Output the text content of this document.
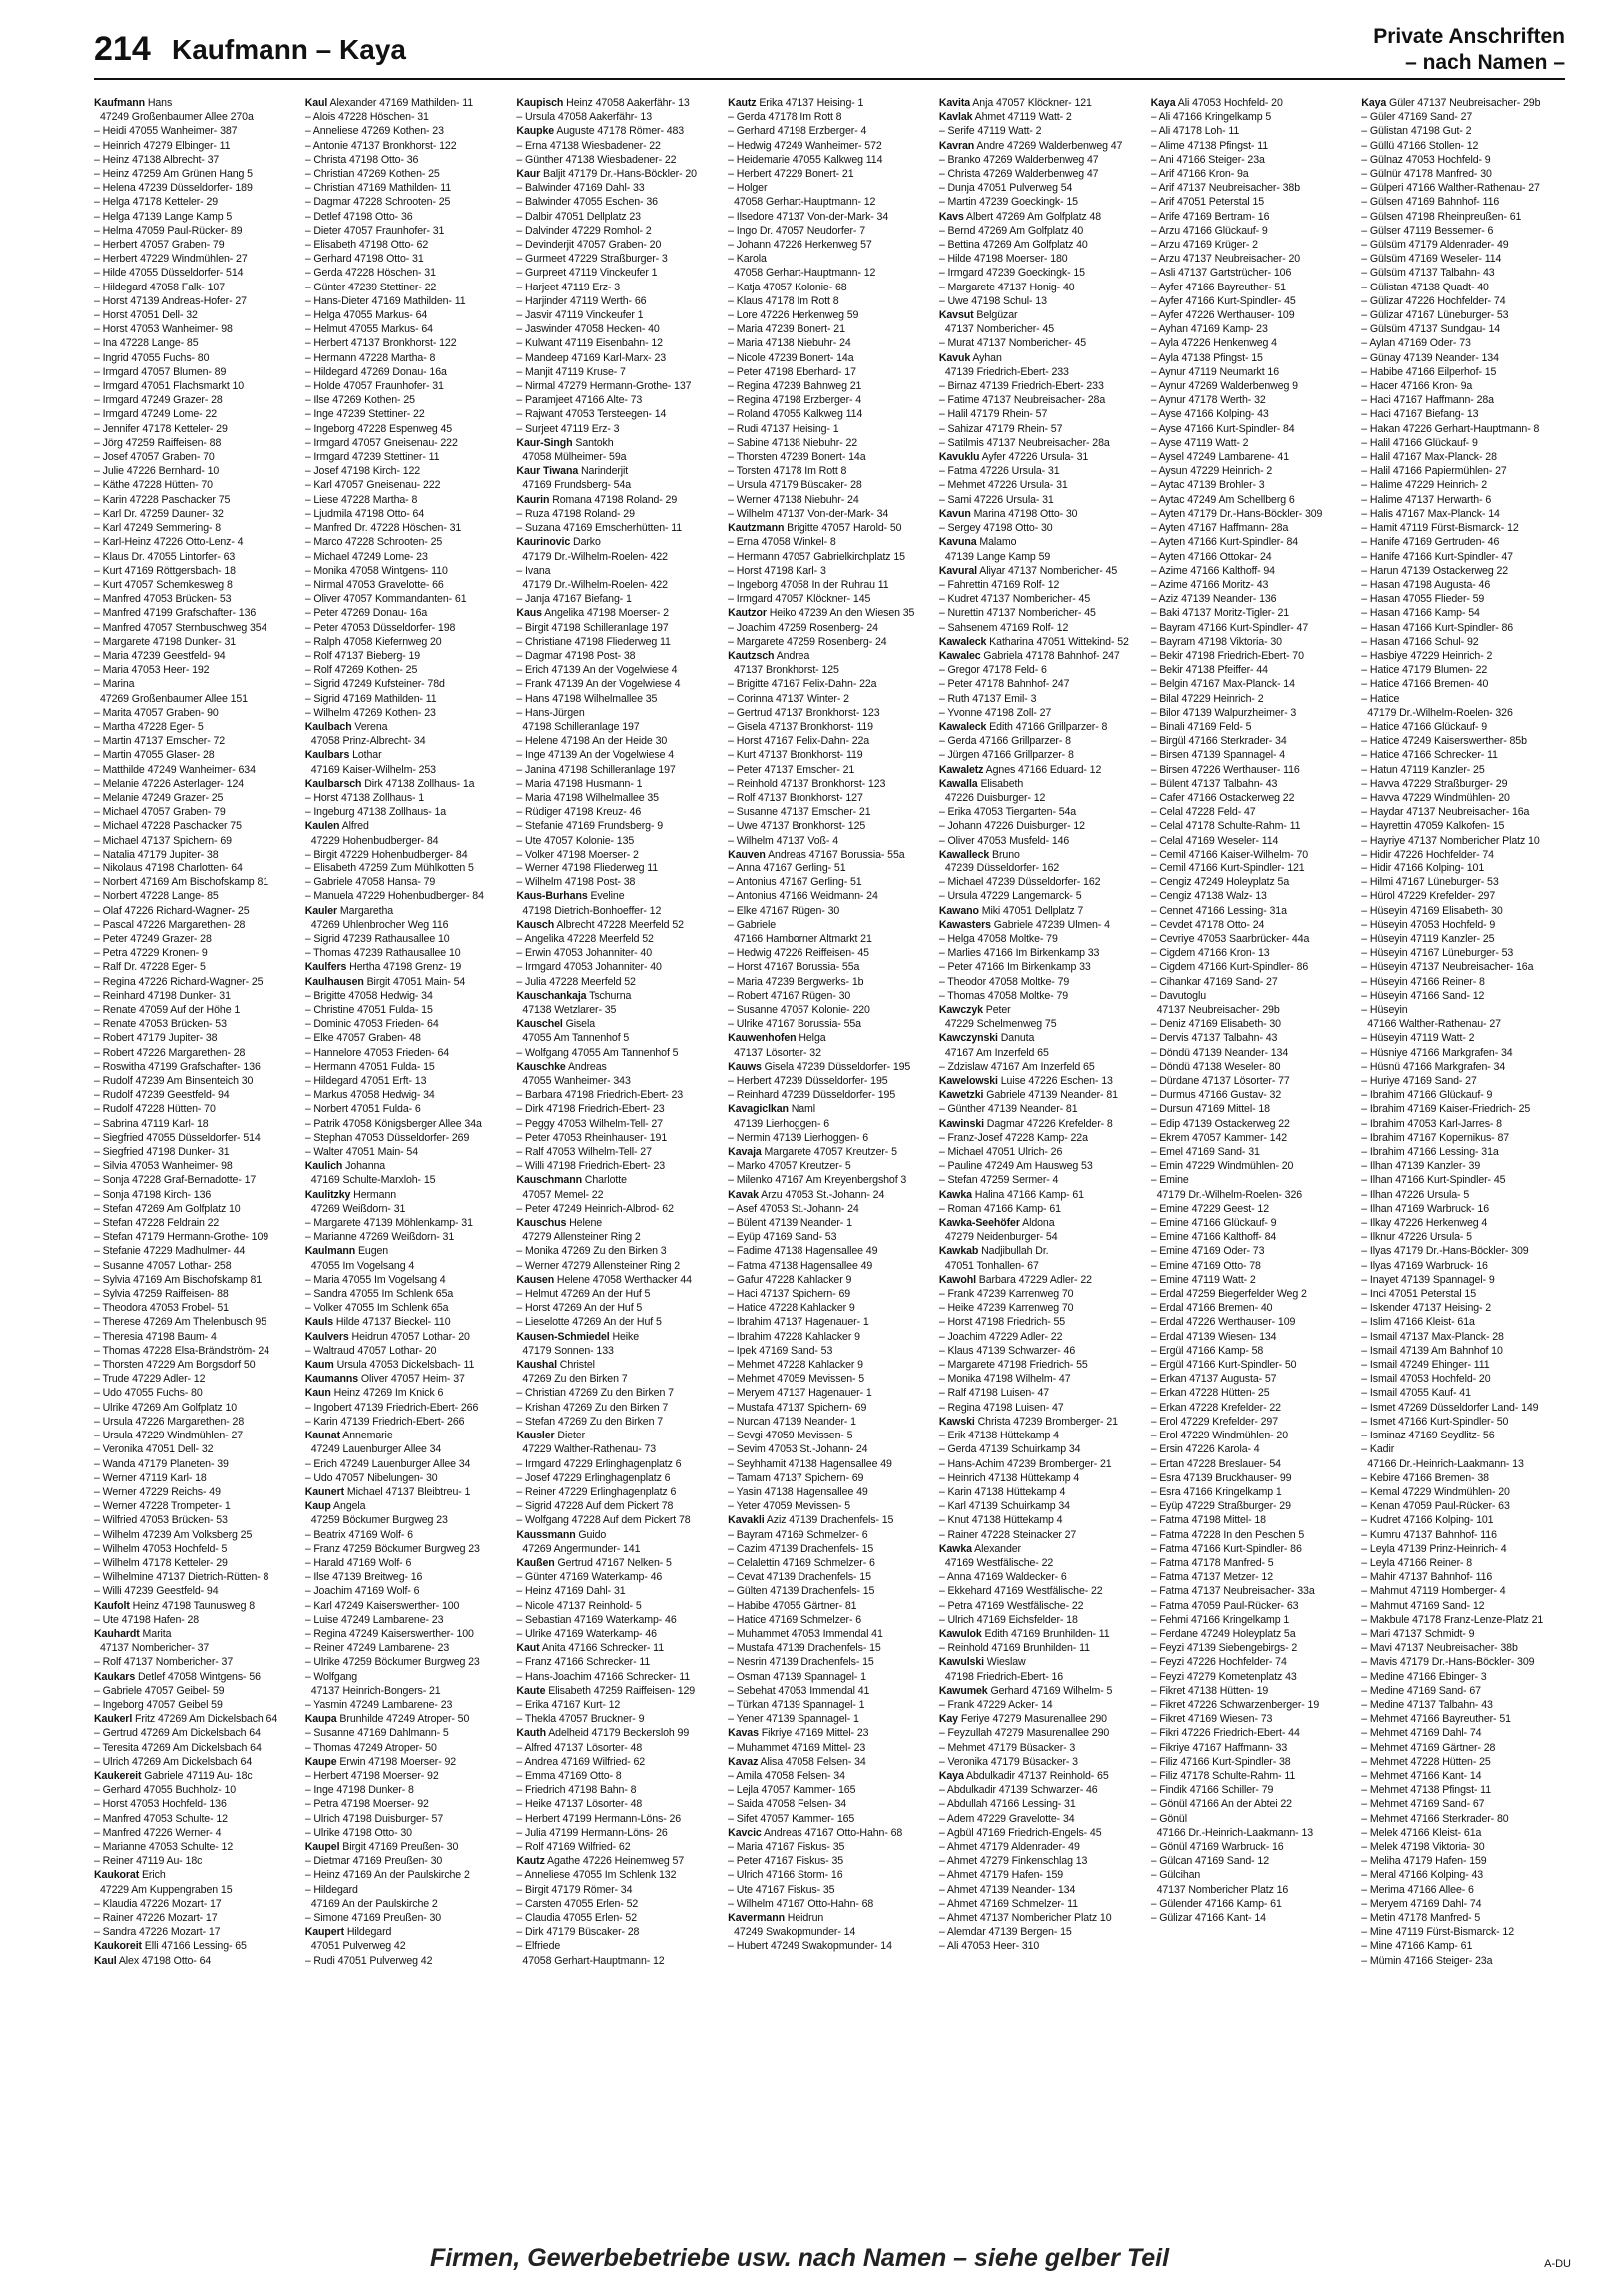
214 Kaufmann – Kaya	Private Anschriften
– nach Namen –
Kaufmann Hans
47249 Großenbaumer Allee 270a
– Heidi 47055 Wanheimer- 387
– Heinrich 47279 Elbinger- 11
– Heinz 47138 Albrecht- 37
– Heinz 47259 Am Grünen Hang 5
– Helena 47239 Düsseldorfer- 189
– Helga 47178 Ketteler- 29
– Helga 47139 Lange Kamp 5
– Helma 47059 Paul-Rücker- 89
– Herbert 47057 Graben- 79
– Herbert 47229 Windmühlen- 27
– Hilde 47055 Düsseldorfer- 514
– Hildegard 47058 Falk- 107
– Horst 47139 Andreas-Hofer- 27
– Horst 47051 Dell- 32
– Horst 47053 Wanheimer- 98
– Ina 47228 Lange- 85
– Ingrid 47055 Fuchs- 80
– Irmgard 47057 Blumen- 89
– Irmgard 47051 Flachsmarkt 10
– Irmgard 47249 Grazer- 28
– Irmgard 47249 Lome- 22
– Jennifer 47178 Ketteler- 29
– Jörg 47259 Raiffeisen- 88
– Josef 47057 Graben- 70
– Julie 47226 Bernhard- 10
– Käthe 47228 Hütten- 70
– Karin 47228 Paschacker 75
– Karl Dr. 47259 Dauner- 32
– Karl 47249 Semmering- 8
– Karl-Heinz 47226 Otto-Lenz- 4
– Klaus Dr. 47055 Lintorfer- 63
– Kurt 47169 Röttgersbach- 18
– Kurt 47057 Schemkesweg 8
– Manfred 47053 Brücken- 53
– Manfred 47199 Grafschafter- 136
– Manfred 47057 Sternbuschweg 354
– Margarete 47198 Dunker- 31
– Maria 47239 Geestfeld- 94
– Maria 47053 Heer- 192
– Marina
47269 Großenbaumer Allee 151
– Marita 47057 Graben- 90
– Martha 47228 Eger- 5
– Martin 47137 Emscher- 72
– Martin 47055 Glaser- 28
– Matthilde 47249 Wanheimer- 634
– Melanie 47226 Asterlager- 124
– Melanie 47249 Grazer- 25
– Michael 47057 Graben- 79
– Michael 47228 Paschacker 75
– Michael 47137 Spichern- 69
– Natalia 47179 Jupiter- 38
– Nikolaus 47198 Charlotten- 64
– Norbert 47169 Am Bischofskamp 81
– Norbert 47228 Lange- 85
– Olaf 47226 Richard-Wagner- 25
– Pascal 47226 Margarethen- 28
– Peter 47249 Grazer- 28
– Petra 47229 Kronen- 9
– Ralf Dr. 47228 Eger- 5
– Regina 47226 Richard-Wagner- 25
– Reinhard 47198 Dunker- 31
– Renate 47059 Auf der Höhe 1
– Renate 47053 Brücken- 53
– Robert 47179 Jupiter- 38
– Robert 47226 Margarethen- 28
– Roswitha 47199 Grafschafter- 136
– Rudolf 47239 Am Binsenteich 30
– Rudolf 47239 Geestfeld- 94
– Rudolf 47228 Hütten- 70
– Sabrina 47119 Karl- 18
– Siegfried 47055 Düsseldorfer- 514
– Siegfried 47198 Dunker- 31
– Silvia 47053 Wanheimer- 98
– Sonja 47228 Graf-Bernadotte- 17
– Sonja 47198 Kirch- 136
– Stefan 47269 Am Golfplatz 10
– Stefan 47228 Feldrain 22
– Stefan 47179 Hermann-Grothe- 109
– Stefanie 47229 Madhulmer- 44
– Susanne 47057 Lothar- 258
– Sylvia 47169 Am Bischofskamp 81
– Sylvia 47259 Raiffeisen- 88
– Theodora 47053 Frobel- 51
– Therese 47269 Am Thelenbusch 95
– Theresia 47198 Baum- 4
– Thomas 47228 Elsa-Brändström- 24
– Thorsten 47229 Am Borgsdorf 50
– Trude 47229 Adler- 12
– Udo 47055 Fuchs- 80
– Ulrike 47269 Am Golfplatz 10
– Ursula 47226 Margarethen- 28
– Ursula 47229 Windmühlen- 27
– Veronika 47051 Dell- 32
– Wanda 47179 Planeten- 39
– Werner 47119 Karl- 18
– Werner 47229 Reichs- 49
– Werner 47228 Trompeter- 1
– Wilfried 47053 Brücken- 53
– Wilhelm 47239 Am Volksberg 25
– Wilhelm 47053 Hochfeld- 5
– Wilhelm 47178 Ketteler- 29
– Wilhelmine 47137 Dietrich-Rütten- 8
– Willi 47239 Geestfeld- 94
Kaufolt Heinz 47198 Taunusweg 8
– Ute 47198 Hafen- 28
Kauhardt Marita
47137 Nombericher- 37
– Rolf 47137 Nombericher- 37
Kaukars Detlef 47058 Wintgens- 56
– Gabriele 47057 Geibel- 59
– Ingeborg 47057 Geibel 59
Kaukerl Fritz 47269 Am Dickelsbach 64
– Gertrud 47269 Am Dickelsbach 64
– Teresita 47269 Am Dickelsbach 64
– Ulrich 47269 Am Dickelsbach 64
Kaukereit Gabriele 47119 Au- 18c
– Gerhard 47055 Buchholz- 10
– Horst 47053 Hochfeld- 136
– Manfred 47053 Schulte- 12
– Manfred 47226 Werner- 4
– Marianne 47053 Schulte- 12
– Reiner 47119 Au- 18c
Kaukorat Erich
47229 Am Kuppengraben 15
– Klaudia 47226 Mozart- 17
– Rainer 47226 Mozart- 17
– Sandra 47226 Mozart- 17
Kaukoreit Elli 47166 Lessing- 65
Kaul Alex 47198 Otto- 64
Kaul Alexander 47169 Mathilden- 11
– Alois 47228 Höschen- 31
– Anneliese 47269 Kothen- 23
– Antonie 47137 Bronkhorst- 122
– Christa 47198 Otto- 36
– Christian 47269 Kothen- 25
– Christian 47169 Mathilden- 11
– Dagmar 47228 Schrooten- 25
– Detlef 47198 Otto- 36
– Dieter 47057 Fraunhofer- 31
– Elisabeth 47198 Otto- 62
– Gerhard 47198 Otto- 31
– Gerda 47228 Höschen- 31
– Günter 47239 Stettiner- 22
– Hans-Dieter 47169 Mathilden- 11
– Helga 47055 Markus- 64
– Helmut 47055 Markus- 64
– Herbert 47137 Bronkhorst- 122
– Hermann 47228 Martha- 8
– Hildegard 47269 Donau- 16a
– Holde 47057 Fraunhofer- 31
– Ilse 47269 Kothen- 25
– Inge 47239 Stettiner- 22
– Ingeborg 47228 Espenweg 45
– Irmgard 47057 Gneisenau- 222
– Irmgard 47239 Stettiner- 11
– Josef 47198 Kirch- 122
– Karl 47057 Gneisenau- 222
– Liese 47228 Martha- 8
– Ljudmila 47198 Otto- 64
– Manfred Dr. 47228 Höschen- 31
– Marco 47228 Schrooten- 25
– Michael 47249 Lome- 23
– Monika 47058 Wintgens- 110
– Nirmal 47053 Gravelotte- 66
– Oliver 47057 Kommandanten- 61
– Peter 47269 Donau- 16a
– Peter 47053 Düsseldorfer- 198
– Ralph 47058 Kiefernweg 20
– Rolf 47137 Bieberg- 19
– Rolf 47269 Kothen- 25
– Sigrid 47249 Kufsteiner- 78d
– Sigrid 47169 Mathilden- 11
– Wilhelm 47269 Kothen- 23
Kaulbach Verena
47058 Prinz-Albrecht- 34
Kaulbars Lothar
47169 Kaiser-Wilhelm- 253
Kaulbarsch Dirk 47138 Zollhaus- 1a
– Horst 47138 Zollhaus- 1
– Ingeburg 47138 Zollhaus- 1a
Kaulen Alfred
47229 Hohenbudberger- 84
– Birgit 47229 Hohenbudberger- 84
– Elisabeth 47259 Zum Mühlkotten 5
– Gabriele 47058 Hansa- 79
– Manuela 47229 Hohenbudberger- 84
Kauler Margaretha
47269 Uhlenbrocher Weg 116
– Sigrid 47239 Rathausallee 10
– Thomas 47239 Rathausallee 10
Kaulfers Hertha 47198 Grenz- 19
Kaulhausen Birgit 47051 Main- 54
– Brigitte 47058 Hedwig- 34
– Christine 47051 Fulda- 15
– Dominic 47053 Frieden- 64
– Elke 47057 Graben- 48
– Hannelore 47053 Frieden- 64
– Hermann 47051 Fulda- 15
– Hildegard 47051 Erft- 13
– Markus 47058 Hedwig- 34
– Norbert 47051 Fulda- 6
– Patrik 47058 Königsberger Allee 34a
– Stephan 47053 Düsseldorfer- 269
– Walter 47051 Main- 54
Kaulich Johanna
47169 Schulte-Marxloh- 15
Kaulitzky Hermann
47269 Weißdorn- 31
– Margarete 47139 Möhlenkamp- 31
– Marianne 47269 Weißdorn- 31
Kaulmann Eugen
47055 Im Vogelsang 4
– Maria 47055 Im Vogelsang 4
– Sandra 47055 Im Schlenk 65a
– Volker 47055 Im Schlenk 65a
Kauls Hilde 47137 Bieckel- 110
Kaulvers Heidrun 47057 Lothar- 20
– Waltraud 47057 Lothar- 20
Kaum Ursula 47053 Dickelsbach- 11
Kaumanns Oliver 47057 Heim- 37
Kaun Heinz 47269 Im Knick 6
– Ingobert 47139 Friedrich-Ebert- 266
– Karin 47139 Friedrich-Ebert- 266
Kaunat Annemarie
47249 Lauenburger Allee 34
– Erich 47249 Lauenburger Allee 34
– Udo 47057 Nibelungen- 30
Kaunert Michael 47137 Bleibtreu- 1
Kaup Angela
47259 Böckumer Burgweg 23
– Beatrix 47169 Wolf- 6
– Franz 47259 Böckumer Burgweg 23
– Harald 47169 Wolf- 6
– Ilse 47139 Breitweg- 16
– Joachim 47169 Wolf- 6
– Karl 47249 Kaiserswerther- 100
– Luise 47249 Lambarene- 23
– Regina 47249 Kaiserswerther- 100
– Reiner 47249 Lambarene- 23
– Ulrike 47259 Böckumer Burgweg 23
– Wolfgang
47137 Heinrich-Bongers- 21
– Yasmin 47249 Lambarene- 23
Kaupa Brunhilde 47249 Atroper- 50
– Susanne 47169 Dahlmann- 5
– Thomas 47249 Atroper- 50
Kaupe Erwin 47198 Moerser- 92
– Herbert 47198 Moerser- 92
– Inge 47198 Dunker- 8
– Petra 47198 Moerser- 92
– Ulrich 47198 Duisburger- 57
– Ulrike 47198 Otto- 30
Kaupel Birgit 47169 Preußen- 30
– Dietmar 47169 Preußen- 30
– Heinz 47169 An der Paulskirche 2
– Hildegard
47169 An der Paulskirche 2
– Simone 47169 Preußen- 30
Kaupert Hildegard
47051 Pulverweg 42
– Rudi 47051 Pulverweg 42
Kaupisch Heinz 47058 Aakerfähr- 13
– Ursula 47058 Aakerfähr- 13
Kaupke Auguste 47178 Römer- 483
– Erna 47138 Wiesbadener- 22
– Günther 47138 Wiesbadener- 22
Kaur Baljit 47179 Dr.-Hans-Böckler- 20
– Balwinder 47169 Dahl- 33
– Balwinder 47055 Eschen- 36
– Dalbir 47051 Dellplatz 23
– Dalvinder 47229 Romhol- 2
– Devinderjit 47057 Graben- 20
– Gurmeet 47229 Straßburger- 3
– Gurpreet 47119 Vinckeufer 1
– Harjeet 47119 Erz- 3
– Harjinder 47119 Werth- 66
– Jasvir 47119 Vinckeufer 1
– Jaswinder 47058 Hecken- 40
– Kulwant 47119 Eisenbahn- 12
– Mandeep 47169 Karl-Marx- 23
– Manjit 47119 Kruse- 7
– Nirmal 47279 Hermann-Grothe- 137
– Paramjeet 47166 Alte- 73
– Rajwant 47053 Tersteegen- 14
– Surjeet 47119 Erz- 3
Kaur-Singh Santokh
47058 Mülheimer- 59a
Kaur Tiwana Narinderjit
47169 Frundsberg- 54a
Kaurin Romana 47198 Roland- 29
– Ruza 47198 Roland- 29
– Suzana 47169 Emscherhütten- 11
Kaurinovic Darko
47179 Dr.-Wilhelm-Roelen- 422
– Ivana
47179 Dr.-Wilhelm-Roelen- 422
– Janja 47167 Biefang- 1
Kaus Angelika 47198 Moerser- 2
– Birgit 47198 Schilleranlage 197
– Christiane 47198 Fliederweg 11
– Dagmar 47198 Post- 38
– Erich 47139 An der Vogelwiese 4
– Frank 47139 An der Vogelwiese 4
– Hans 47198 Wilhelmallee 35
– Hans-Jürgen
47198 Schilleranlage 197
– Helene 47198 An der Heide 30
– Inge 47139 An der Vogelwiese 4
– Janina 47198 Schilleranlage 197
– Maria 47198 Husmann- 1
– Maria 47198 Wilhelmallee 35
– Rüdiger 47198 Kreuz- 46
– Stefanie 47169 Frundsberg- 9
– Ute 47057 Kolonie- 135
– Volker 47198 Moerser- 2
– Werner 47198 Fliederweg 11
– Wilhelm 47198 Post- 38
Kaus-Burhans Eveline
47198 Dietrich-Bonhoeffer- 12
Kausch Albrecht 47228 Meerfeld 52
– Angelika 47228 Meerfeld 52
– Erwin 47053 Johanniter- 40
– Irmgard 47053 Johanniter- 40
– Julia 47228 Meerfeld 52
Kauschankaja Tschurna
47138 Wetzlarer- 35
Kauschel Gisela
47055 Am Tannenhof 5
– Wolfgang 47055 Am Tannenhof 5
Kauschke Andreas
47055 Wanheimer- 343
– Barbara 47198 Friedrich-Ebert- 23
– Dirk 47198 Friedrich-Ebert- 23
– Peggy 47053 Wilhelm-Tell- 27
– Peter 47053 Rheinhauser- 191
– Ralf 47053 Wilhelm-Tell- 27
– Willi 47198 Friedrich-Ebert- 23
Kauschmann Charlotte
47057 Memel- 22
– Peter 47249 Heinrich-Albrod- 62
Kauschus Helene
47279 Allensteiner Ring 2
– Monika 47269 Zu den Birken 3
– Werner 47279 Allensteiner Ring 2
Kausen Helene 47058 Werthacker 44
– Helmut 47269 An der Huf 5
– Horst 47269 An der Huf 5
– Lieselotte 47269 An der Huf 5
Kausen-Schmiedel Heike
47179 Sonnen- 133
Kaushal Christel
47269 Zu den Birken 7
– Christian 47269 Zu den Birken 7
– Krishan 47269 Zu den Birken 7
– Stefan 47269 Zu den Birken 7
Kausler Dieter
47229 Walther-Rathenau- 73
– Irmgard 47229 Erlinghagenplatz 6
– Josef 47229 Erlinghagenplatz 6
– Reiner 47229 Erlinghagenplatz 6
– Sigrid 47228 Auf dem Pickert 78
– Wolfgang 47228 Auf dem Pickert 78
Kaussmann Guido
47269 Angermunder- 141
Kaußen Gertrud 47167 Nelken- 5
– Günter 47169 Waterkamp- 46
– Heinz 47169 Dahl- 31
– Nicole 47137 Reinhold- 5
– Sebastian 47169 Waterkamp- 46
– Ulrike 47169 Waterkamp- 46
Kaut Anita 47166 Schrecker- 11
– Franz 47166 Schrecker- 11
– Hans-Joachim 47166 Schrecker- 11
Kaute Elisabeth 47259 Raiffeisen- 129
– Erika 47167 Kurt- 12
– Thekla 47057 Bruckner- 9
Kauth Adelheid 47179 Beckersloh 99
– Alfred 47137 Lösorter- 48
– Andrea 47169 Wilfried- 62
– Emma 47169 Otto- 8
– Friedrich 47198 Bahn- 8
– Heike 47137 Lösorter- 48
– Herbert 47199 Hermann-Löns- 26
– Julia 47199 Hermann-Löns- 26
– Rolf 47169 Wilfried- 62
Kautz Agathe 47226 Heinemweg 57
– Anneliese 47055 Im Schlenk 132
– Birgit 47179 Römer- 34
– Carsten 47055 Erlen- 52
– Claudia 47055 Erlen- 52
– Dirk 47179 Büscaker- 28
– Elfriede
47058 Gerhart-Hauptmann- 12
Kautz Erika 47137 Heising- 1
– Gerda 47178 Im Rott 8
– Gerhard 47198 Erzberger- 4
– Hedwig 47249 Wanheimer- 572
– Heidemarie 47055 Kalkweg 114
– Herbert 47229 Bonert- 21
– Holger
47058 Gerhart-Hauptmann- 12
– Ilsedore 47137 Von-der-Mark- 34
– Ingo Dr. 47057 Neudorfer- 7
– Johann 47226 Herkenweg 57
– Karola
47058 Gerhart-Hauptmann- 12
– Katja 47057 Kolonie- 68
– Klaus 47178 Im Rott 8
– Lore 47226 Herkenweg 59
– Maria 47239 Bonert- 21
– Maria 47138 Niebuhr- 24
– Nicole 47239 Bonert- 14a
– Peter 47198 Eberhard- 17
– Regina 47239 Bahnweg 21
– Regina 47198 Erzberger- 4
– Roland 47055 Kalkweg 114
– Rudi 47137 Heising- 1
– Sabine 47138 Niebuhr- 22
– Thorsten 47239 Bonert- 14a
– Torsten 47178 Im Rott 8
– Ursula 47179 Büscaker- 28
– Werner 47138 Niebuhr- 24
– Wilhelm 47137 Von-der-Mark- 34
Kautzmann Brigitte 47057 Harold- 50
– Erna 47058 Winkel- 8
– Hermann 47057 Gabrielkirchplatz 15
– Horst 47198 Karl- 3
– Ingeborg 47058 In der Ruhrau 11
– Irmgard 47057 Klöckner- 145
Kautzor Heiko 47239 An den Wiesen 35
– Joachim 47259 Rosenberg- 24
– Margarete 47259 Rosenberg- 24
Kautzsch Andrea
47137 Bronkhorst- 125
– Brigitte 47167 Felix-Dahn- 22a
– Corinna 47137 Winter- 2
– Gertrud 47137 Bronkhorst- 123
– Gisela 47137 Bronkhorst- 119
– Horst 47167 Felix-Dahn- 22a
– Kurt 47137 Bronkhorst- 119
– Peter 47137 Emscher- 21
– Reinhold 47137 Bronkhorst- 123
– Rolf 47137 Bronkhorst- 127
– Susanne 47137 Emscher- 21
– Uwe 47137 Bronkhorst- 125
– Wilhelm 47137 Voß- 4
Kauven Andreas 47167 Borussia- 55a
– Anna 47167 Gerling- 51
– Antonius 47167 Gerling- 51
– Antonius 47166 Weidmann- 24
– Elke 47167 Rügen- 30
– Gabriele
47166 Hamborner Altmarkt 21
– Hedwig 47226 Reiffeisen- 45
– Horst 47167 Borussia- 55a
– Maria 47239 Bergwerks- 1b
– Robert 47167 Rügen- 30
– Susanne 47057 Kolonie- 220
– Ulrike 47167 Borussia- 55a
Kauwenhofen Helga
47137 Lösorter- 32
Kauws Gisela 47239 Düsseldorfer- 195
– Herbert 47239 Düsseldorfer- 195
– Reinhard 47239 Düsseldorfer- 195
Kavagiclkan Naml
47139 Lierhoggen- 6
– Nermin 47139 Lierhoggen- 6
Kavaja Margarete 47057 Kreutzer- 5
– Marko 47057 Kreutzer- 5
– Milenko 47167 Am Kreyenbergshof 3
Kavak Arzu 47053 St.-Johann- 24
– Asef 47053 St.-Johann- 24
– Bülent 47139 Neander- 1
– Eyüp 47169 Sand- 53
– Fadime 47138 Hagensallee 49
– Fatma 47138 Hagensallee 49
– Gafur 47228 Kahlacker 9
– Haci 47137 Spichern- 69
– Hatice 47228 Kahlacker 9
– Ibrahim 47137 Hagenauer- 1
– Ibrahim 47228 Kahlacker 9
– Ipek 47169 Sand- 53
– Mehmet 47228 Kahlacker 9
– Mehmet 47059 Mevissen- 5
– Meryem 47137 Hagenauer- 1
– Mustafa 47137 Spichern- 69
– Nurcan 47139 Neander- 1
– Sevgi 47059 Mevissen- 5
– Sevim 47053 St.-Johann- 24
– Seyhhamit 47138 Hagensallee 49
– Tamam 47137 Spichern- 69
– Yasin 47138 Hagensallee 49
– Yeter 47059 Mevissen- 5
Kavakli Aziz 47139 Drachenfels- 15
– Bayram 47169 Schmelzer- 6
– Cazim 47139 Drachenfels- 15
– Celalettin 47169 Schmelzer- 6
– Cevat 47139 Drachenfels- 15
– Gülten 47139 Drachenfels- 15
– Habibe 47055 Gärtner- 81
– Hatice 47169 Schmelzer- 6
– Muhammet 47053 Immendal 41
– Mustafa 47139 Drachenfels- 15
– Nesrin 47139 Drachenfels- 15
– Osman 47139 Spannagel- 1
– Sebehat 47053 Immendal 41
– Türkan 47139 Spannagel- 1
– Yener 47139 Spannagel- 1
Kavas Fikriye 47169 Mittel- 23
– Muhammet 47169 Mittel- 23
Kavaz Alisa 47058 Felsen- 34
– Amila 47058 Felsen- 34
– Lejla 47057 Kammer- 165
– Saida 47058 Felsen- 34
– Sifet 47057 Kammer- 165
Kavcic Andreas 47167 Otto-Hahn- 68
– Maria 47167 Fiskus- 35
– Peter 47167 Fiskus- 35
– Ulrich 47166 Storm- 16
– Ute 47167 Fiskus- 35
– Wilhelm 47167 Otto-Hahn- 68
Kavermann Heidrun
47249 Swakopmunder- 14
– Hubert 47249 Swakopmunder- 14
Kavita Anja 47057 Klöckner- 121
Kavlak Ahmet 47119 Watt- 2
– Serife 47119 Watt- 2
Kavran Andre 47269 Walderbenweg 47
– Branko 47269 Walderbenweg 47
– Christa 47269 Walderbenweg 47
– Dunja 47051 Pulverweg 54
– Martin 47239 Goeckingk- 15
Kavs Albert 47269 Am Golfplatz 48
– Bernd 47269 Am Golfplatz 40
– Bettina 47269 Am Golfplatz 40
– Hilde 47198 Moerser- 180
– Irmgard 47239 Goeckingk- 15
– Margarete 47137 Honig- 40
– Uwe 47198 Schul- 13
Kavsut Belgüzar
47137 Nombericher- 45
– Murat 47137 Nombericher- 45
Kavuk Ayhan
47139 Friedrich-Ebert- 233
– Birnaz 47139 Friedrich-Ebert- 233
– Fatime 47137 Neubreisacher- 28a
– Halil 47179 Rhein- 57
– Sahizar 47179 Rhein- 57
– Satilmis 47137 Neubreisacher- 28a
Kavuklu Ayfer 47226 Ursula- 31
– Fatma 47226 Ursula- 31
– Mehmet 47226 Ursula- 31
– Sami 47226 Ursula- 31
Kavun Marina 47198 Otto- 30
– Sergey 47198 Otto- 30
Kavuna Malamo
47139 Lange Kamp 59
Kavural Aliyar 47137 Nombericher- 45
– Fahrettin 47169 Rolf- 12
– Kudret 47137 Nombericher- 45
– Nurettin 47137 Nombericher- 45
– Sahsenem 47169 Rolf- 12
Kawaleck Katharina 47051 Wittekind- 52
Kawalec Gabriela 47178 Bahnhof- 247
– Gregor 47178 Feld- 6
– Peter 47178 Bahnhof- 247
– Ruth 47137 Emil- 3
– Yvonne 47198 Zoll- 27
Kawaleck Edith 47166 Grillparzer- 8
– Gerda 47166 Grillparzer- 8
– Jürgen 47166 Grillparzer- 8
Kawaletz Agnes 47166 Eduard- 12
Kawalla Elisabeth
47226 Duisburger- 12
– Erika 47053 Tiergarten- 54a
– Johann 47226 Duisburger- 12
– Oliver 47053 Musfeld- 146
Kawalleck Bruno
47239 Düsseldorfer- 162
– Michael 47239 Düsseldorfer- 162
– Ursula 47229 Langemarck- 5
Kawano Miki 47051 Dellplatz 7
Kawasters Gabriele 47239 Ulmen- 4
– Helga 47058 Moltke- 79
– Marlies 47166 Im Birkenkamp 33
– Peter 47166 Im Birkenkamp 33
– Theodor 47058 Moltke- 79
– Thomas 47058 Moltke- 79
Kawczyk Peter
47229 Schelmenweg 75
Kawczynski Danuta
47167 Am Inzerfeld 65
– Zdzislaw 47167 Am Inzerfeld 65
Kawelowski Luise 47226 Eschen- 13
Kawetzki Gabriele 47139 Neander- 81
– Günther 47139 Neander- 81
Kawinski Dagmar 47226 Krefelder- 8
– Franz-Josef 47228 Kamp- 22a
– Michael 47051 Ulrich- 26
– Pauline 47249 Am Hausweg 53
– Stefan 47259 Sermer- 4
Kawka Halina 47166 Kamp- 61
– Roman 47166 Kamp- 61
Kawka-Seehöfer Aldona
47279 Neidenburger- 54
Kawkab Nadjibullah Dr.
47051 Tonhallen- 67
Kawohl Barbara 47229 Adler- 22
– Frank 47239 Karrenweg 70
– Heike 47239 Karrenweg 70
– Horst 47198 Friedrich- 55
– Joachim 47229 Adler- 22
– Klaus 47139 Schwarzer- 46
– Margarete 47198 Friedrich- 55
– Monika 47198 Wilhelm- 47
– Ralf 47198 Luisen- 47
– Regina 47198 Luisen- 47
Kawski Christa 47239 Bromberger- 21
– Erik 47138 Hüttekamp 4
– Gerda 47139 Schuirkamp 34
– Hans-Achim 47239 Bromberger- 21
– Heinrich 47138 Hüttekamp 4
– Karin 47138 Hüttekamp 4
– Karl 47139 Schuirkamp 34
– Knut 47138 Hüttekamp 4
– Rainer 47228 Steinacker 27
Kawka Alexander
47169 Westfälische- 22
– Anna 47169 Waldecker- 6
– Ekkehard 47169 Westfälische- 22
– Petra 47169 Westfälische- 22
– Ulrich 47169 Eichsfelder- 18
Kawulok Edith 47169 Brunhilden- 11
– Reinhold 47169 Brunhilden- 11
Kawulski Wieslaw
47198 Friedrich-Ebert- 16
Kawumek Gerhard 47169 Wilhelm- 5
– Frank 47229 Acker- 14
Kay Feriye 47279 Masurenallee 290
– Feyzullah 47279 Masurenallee 290
– Mehmet 47179 Büsacker- 3
– Veronika 47179 Büsacker- 3
Kaya Abdulkadir 47137 Reinhold- 65
– Abdulkadir 47139 Schwarzer- 46
– Abdullah 47166 Lessing- 31
– Adem 47229 Gravelotte- 34
– Agbül 47169 Friedrich-Engels- 45
– Ahmet 47179 Aldenrader- 49
– Ahmet 47279 Finkenschlag 13
– Ahmet 47179 Hafen- 159
– Ahmet 47139 Neander- 134
– Ahmet 47169 Schmelzer- 11
– Ahmet 47137 Nombericher Platz 10
– Alemdar 47139 Bergen- 15
– Ali 47053 Heer- 310
Kaya Ali 47053 Hochfeld- 20
– Ali 47166 Kringelkamp 5
– Ali 47178 Loh- 11
– Alime 47138 Pfingst- 11
– Ani 47166 Steiger- 23a
– Arif 47166 Kron- 9a
– Arif 47137 Neubreisacher- 38b
– Arif 47051 Peterstal 15
– Arife 47169 Bertram- 16
– Arzu 47166 Glückauf- 9
– Arzu 47169 Krüger- 2
– Arzu 47137 Neubreisacher- 20
– Asli 47137 Gartstrücher- 106
– Ayfer 47166 Bayreuther- 51
– Ayfer 47166 Kurt-Spindler- 45
– Ayfer 47226 Werthauser- 109
– Ayhan 47169 Kamp- 23
– Ayla 47226 Henkenweg 4
– Ayla 47138 Pfingst- 15
– Aynur 47119 Neumarkt 16
– Aynur 47269 Walderbenweg 9
– Aynur 47178 Werth- 32
– Ayse 47166 Kolping- 43
– Ayse 47166 Kurt-Spindler- 84
– Ayse 47119 Watt- 2
– Aysel 47249 Lambarene- 41
– Aysun 47229 Heinrich- 2
– Aytac 47139 Brohler- 3
– Aytac 47249 Am Schellberg 6
– Ayten 47179 Dr.-Hans-Böckler- 309
– Ayten 47167 Haffmann- 28a
– Ayten 47166 Kurt-Spindler- 84
– Ayten 47166 Ottokar- 24
– Azime 47166 Kalthoff- 94
– Azime 47166 Moritz- 43
– Aziz 47139 Neander- 136
– Baki 47137 Moritz-Tigler- 21
– Bayram 47166 Kurt-Spindler- 47
– Bayram 47198 Viktoria- 30
– Bekir 47198 Friedrich-Ebert- 70
– Bekir 47138 Pfeiffer- 44
– Belgin 47167 Max-Planck- 14
– Bilal 47229 Heinrich- 2
– Bilor 47139 Walpurzheimer- 3
– Binali 47169 Feld- 5
– Birgül 47166 Sterkrader- 34
– Birsen 47139 Spannagel- 4
– Birsen 47226 Werthauser- 116
– Bülent 47137 Talbahn- 43
– Cafer 47166 Ostackerweg 22
– Celal 47228 Feld- 47
– Celal 47178 Schulte-Rahm- 11
– Celal 47169 Weseler- 114
– Cemil 47166 Kaiser-Wilhelm- 70
– Cemil 47166 Kurt-Spindler- 121
– Cengiz 47249 Holeyplatz 5a
– Cengiz 47138 Walz- 13
– Cennet 47166 Lessing- 31a
– Cevdet 47178 Otto- 24
– Cevriye 47053 Saarbrücker- 44a
– Cigdem 47166 Kron- 13
– Cigdem 47166 Kurt-Spindler- 86
– Cihankar 47169 Sand- 27
– Davutoglu
47137 Neubreisacher- 29b
– Deniz 47169 Elisabeth- 30
– Dervis 47137 Talbahn- 43
– Döndü 47139 Neander- 134
– Döndü 47138 Weseler- 80
– Dürdane 47137 Lösorter- 77
– Durmus 47166 Gustav- 32
– Dursun 47169 Mittel- 18
– Edip 47139 Ostackerweg 22
– Ekrem 47057 Kammer- 142
– Emel 47169 Sand- 31
– Emin 47229 Windmühlen- 20
– Emine
47179 Dr.-Wilhelm-Roelen- 326
– Emine 47229 Geest- 12
– Emine 47166 Glückauf- 9
– Emine 47166 Kalthoff- 84
– Emine 47169 Oder- 73
– Emine 47169 Otto- 78
– Emine 47119 Watt- 2
– Erdal 47259 Biegerfelder Weg 2
– Erdal 47166 Bremen- 40
– Erdal 47226 Werthauser- 109
– Erdal 47139 Wiesen- 134
– Ergül 47166 Kamp- 58
– Ergül 47166 Kurt-Spindler- 50
– Erkan 47137 Augusta- 57
– Erkan 47228 Hütten- 25
– Erkan 47228 Krefelder- 22
– Erol 47229 Krefelder- 297
– Erol 47229 Windmühlen- 20
– Ersin 47226 Karola- 4
– Ertan 47228 Breslauer- 54
– Esra 47139 Bruckhauser- 99
– Esra 47166 Kringelkamp 1
– Eyüp 47229 Straßburger- 29
– Fatma 47198 Mittel- 18
– Fatma 47228 In den Peschen 5
– Fatma 47166 Kurt-Spindler- 86
– Fatma 47178 Manfred- 5
– Fatma 47137 Metzer- 12
– Fatma 47137 Neubreisacher- 33a
– Fatma 47059 Paul-Rücker- 63
– Fehmi 47166 Kringelkamp 1
– Ferdane 47249 Holeyplatz 5a
– Feyzi 47139 Siebengebirgs- 2
– Feyzi 47226 Hochfelder- 74
– Feyzi 47279 Kometenplatz 43
– Fikret 47138 Hütten- 19
– Fikret 47226 Schwarzenberger- 19
– Fikret 47169 Wiesen- 73
– Fikri 47226 Friedrich-Ebert- 44
– Fikriye 47167 Haffmann- 33
– Filiz 47166 Kurt-Spindler- 38
– Filiz 47178 Schulte-Rahm- 11
– Findik 47166 Schiller- 79
– Gönül 47166 An der Abtei 22
– Gönül
47166 Dr.-Heinrich-Laakmann- 13
– Gönül 47169 Warbruck- 16
– Gülcan 47169 Sand- 12
– Gülcihan
47137 Nombericher Platz 16
– Gülender 47166 Kamp- 61
– Gülizar 47166 Kant- 14
Kaya Güler 47137 Neubreisacher- 29b
– Güler 47169 Sand- 27
– Gülistan 47198 Gut- 2
– Güllü 47166 Stollen- 12
– Gülnaz 47053 Hochfeld- 9
– Gülnür 47178 Manfred- 30
– Gülperi 47166 Walther-Rathenau- 27
– Gülsen 47169 Bahnhof- 116
– Gülsen 47198 Rheinpreußen- 61
– Gülser 47119 Bessemer- 6
– Gülsüm 47179 Aldenrader- 49
– Gülsüm 47169 Weseler- 114
– Gülsüm 47137 Talbahn- 43
– Gülistan 47138 Quadt- 40
– Gülizar 47226 Hochfelder- 74
– Gülizar 47167 Lüneburger- 53
– Gülsüm 47137 Sundgau- 14
– Aylan 47169 Oder- 73
– Günay 47139 Neander- 134
– Habibe 47166 Eilperhof- 15
– Hacer 47166 Kron- 9a
– Haci 47167 Haffmann- 28a
– Haci 47167 Biefang- 13
– Hakan 47226 Gerhart-Hauptmann- 8
– Halil 47166 Glückauf- 9
– Halil 47167 Max-Planck- 28
– Halil 47166 Papiermühlen- 27
– Halime 47229 Heinrich- 2
– Halime 47137 Herwarth- 6
– Halis 47167 Max-Planck- 14
– Hamit 47119 Fürst-Bismarck- 12
– Hanife 47169 Gertruden- 46
– Hanife 47166 Kurt-Spindler- 47
– Harun 47139 Ostackerweg 22
– Hasan 47198 Augusta- 46
– Hasan 47055 Flieder- 59
– Hasan 47166 Kamp- 54
– Hasan 47166 Kurt-Spindler- 86
– Hasan 47166 Schul- 92
– Hasbiye 47229 Heinrich- 2
– Hatice 47179 Blumen- 22
– Hatice 47166 Bremen- 40
– Hatice
47179 Dr.-Wilhelm-Roelen- 326
– Hatice 47166 Glückauf- 9
– Hatice 47249 Kaiserswerther- 85b
– Hatice 47166 Schrecker- 11
– Hatun 47119 Kanzler- 25
– Havva 47229 Straßburger- 29
– Havva 47229 Windmühlen- 20
– Haydar 47137 Neubreisacher- 16a
– Hayrettin 47059 Kalkofen- 15
– Hayriye 47137 Nombericher Platz 10
– Hidir 47226 Hochfelder- 74
– Hidir 47166 Kolping- 101
– Hilmi 47167 Lüneburger- 53
– Hürol 47229 Krefelder- 297
– Hüseyin 47169 Elisabeth- 30
– Hüseyin 47053 Hochfeld- 9
– Hüseyin 47119 Kanzler- 25
– Hüseyin 47167 Lüneburger- 53
– Hüseyin 47137 Neubreisacher- 16a
– Hüseyin 47166 Reiner- 8
– Hüseyin 47166 Sand- 12
– Hüseyin
47166 Walther-Rathenau- 27
– Hüseyin 47119 Watt- 2
– Hüsniye 47166 Markgrafen- 34
– Hüsnü 47166 Markgrafen- 34
– Huriye 47169 Sand- 27
– Ibrahim 47166 Glückauf- 9
– Ibrahim 47169 Kaiser-Friedrich- 25
– Ibrahim 47053 Karl-Jarres- 8
– Ibrahim 47167 Kopernikus- 87
– Ibrahim 47166 Lessing- 31a
– Ilhan 47139 Kanzler- 39
– Ilhan 47166 Kurt-Spindler- 45
– Ilhan 47226 Ursula- 5
– Ilhan 47169 Warbruck- 16
– Ilkay 47226 Herkenweg 4
– Ilknur 47226 Ursula- 5
– Ilyas 47179 Dr.-Hans-Böckler- 309
– Ilyas 47169 Warbruck- 16
– Inayet 47139 Spannagel- 9
– Inci 47051 Peterstal 15
– Iskender 47137 Heising- 2
– Islim 47166 Kleist- 61a
– Ismail 47137 Max-Planck- 28
– Ismail 47139 Am Bahnhof 10
– Ismail 47249 Ehinger- 111
– Ismail 47053 Hochfeld- 20
– Ismail 47055 Kauf- 41
– Ismet 47269 Düsseldorfer Land- 149
– Ismet 47166 Kurt-Spindler- 50
– Isminaz 47169 Seydlitz- 56
– Kadir
47166 Dr.-Heinrich-Laakmann- 13
– Kebire 47166 Bremen- 38
– Kemal 47229 Windmühlen- 20
– Kenan 47059 Paul-Rücker- 63
– Kudret 47166 Kolping- 101
– Kumru 47137 Bahnhof- 116
– Leyla 47139 Prinz-Heinrich- 4
– Leyla 47166 Reiner- 8
– Mahir 47137 Bahnhof- 116
– Mahmut 47119 Homberger- 4
– Mahmut 47169 Sand- 12
– Makbule 47178 Franz-Lenze-Platz 21
– Mari 47137 Schmidt- 9
– Mavi 47137 Neubreisacher- 38b
– Mavis 47179 Dr.-Hans-Böckler- 309
– Medine 47166 Ebinger- 3
– Medine 47169 Sand- 67
– Medine 47137 Talbahn- 43
– Mehmet 47166 Bayreuther- 51
– Mehmet 47169 Dahl- 74
– Mehmet 47169 Gärtner- 28
– Mehmet 47228 Hütten- 25
– Mehmet 47166 Kant- 14
– Mehmet 47138 Pfingst- 11
– Mehmet 47169 Sand- 67
– Mehmet 47166 Sterkrader- 80
– Melek 47166 Kleist- 61a
– Melek 47198 Viktoria- 30
– Meliha 47179 Hafen- 159
– Meral 47166 Kolping- 43
– Merima 47166 Allee- 6
– Meryem 47169 Dahl- 74
– Metin 47178 Manfred- 5
– Mine 47119 Fürst-Bismarck- 12
– Mine 47166 Kamp- 61
– Mümin 47166 Steiger- 23a
Firmen, Gewerbebetriebe usw. nach Namen – siehe gelber Teil	A-DU
